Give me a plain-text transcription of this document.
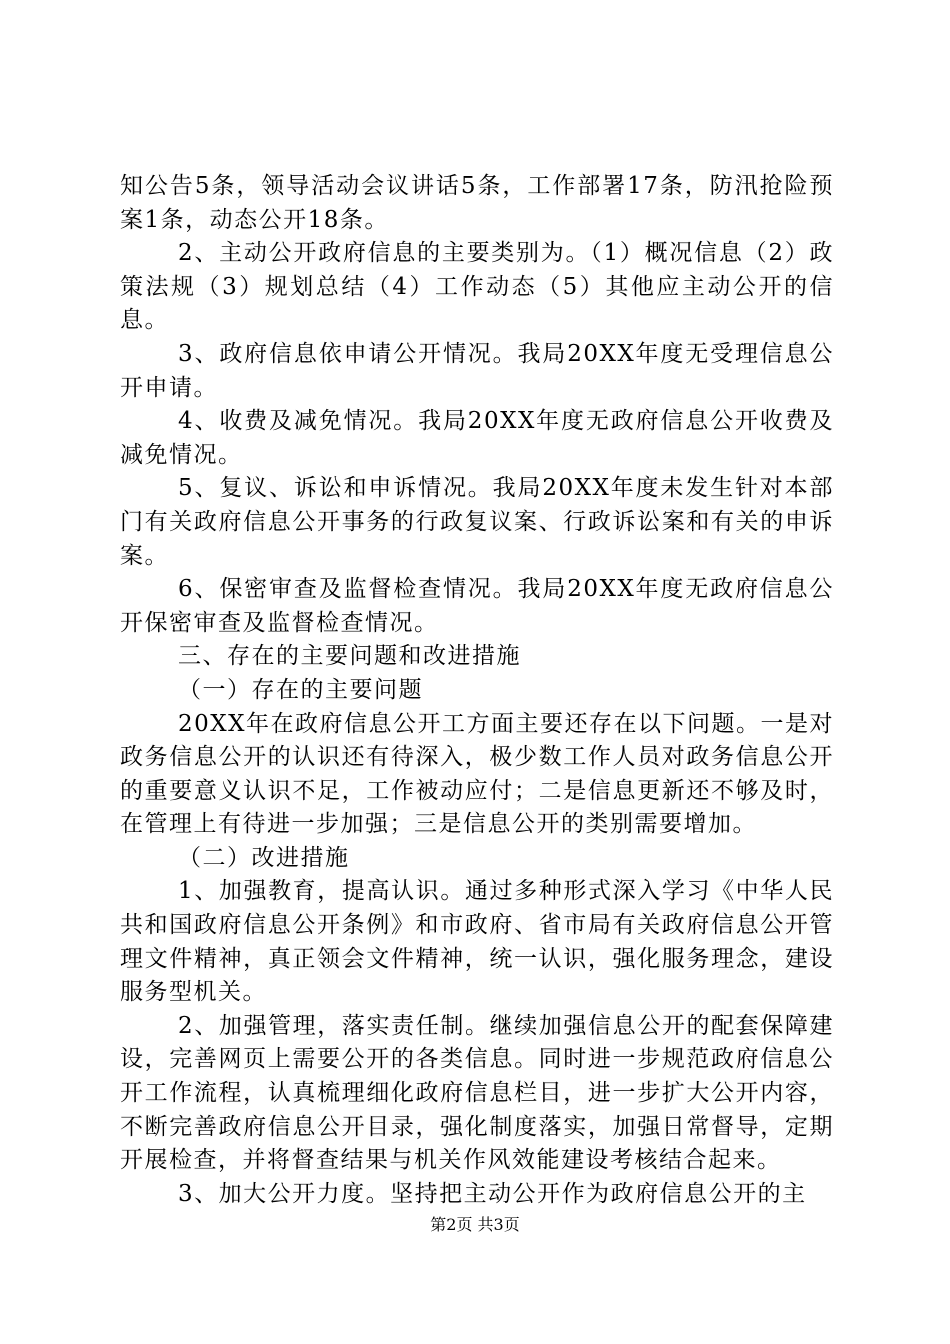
知公告5条，领导活动会议讲话5条，工作部署17条，防汛抢险预案1条，动态公开18条。

2、主动公开政府信息的主要类别为。（1）概况信息（2）政策法规（3）规划总结（4）工作动态（5）其他应主动公开的信息。

3、政府信息依申请公开情况。我局20XX年度无受理信息公开申请。

4、收费及减免情况。我局20XX年度无政府信息公开收费及减免情况。

5、复议、诉讼和申诉情况。我局20XX年度未发生针对本部门有关政府信息公开事务的行政复议案、行政诉讼案和有关的申诉案。

6、保密审查及监督检查情况。我局20XX年度无政府信息公开保密审查及监督检查情况。

三、存在的主要问题和改进措施

（一）存在的主要问题

20XX年在政府信息公开工方面主要还存在以下问题。一是对政务信息公开的认识还有待深入，极少数工作人员对政务信息公开的重要意义认识不足，工作被动应付；二是信息更新还不够及时，在管理上有待进一步加强；三是信息公开的类别需要增加。

（二）改进措施

1、加强教育，提高认识。通过多种形式深入学习《中华人民共和国政府信息公开条例》和市政府、省市局有关政府信息公开管理文件精神，真正领会文件精神，统一认识，强化服务理念，建设服务型机关。

2、加强管理，落实责任制。继续加强信息公开的配套保障建设，完善网页上需要公开的各类信息。同时进一步规范政府信息公开工作流程，认真梳理细化政府信息栏目，进一步扩大公开内容，不断完善政府信息公开目录，强化制度落实，加强日常督导，定期开展检查，并将督查结果与机关作风效能建设考核结合起来。

3、加大公开力度。坚持把主动公开作为政府信息公开的主

第2页 共3页
